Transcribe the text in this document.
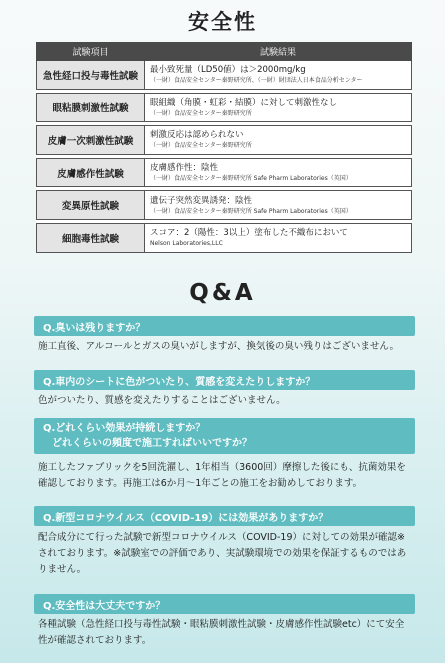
安全性
試験項目	試験結果
急性経口投与毒性試験	最小致死量（LD50値）は＞2000mg/kg
（一財）食品安全センター秦野研究所、（一財）財団法人日本食品分析センター

眼粘膜刺激性試験	眼組織（角膜・虹彩・結膜）に対して刺激性なし
（一財）食品安全センター秦野研究所

皮膚一次刺激性試験	刺激反応は認められない
（一財）食品安全センター秦野研究所

皮膚感作性試験	皮膚感作性：陰性
（一財）食品安全センター秦野研究所 Safe Pharm Laboratories（英国）

変異原性試験	遺伝子突然変異誘発：陰性
（一財）食品安全センター秦野研究所 Safe Pharm Laboratories（英国）

細胞毒性試験	スコア：2（陽性：3以上）塗布した不織布において
Nelson Laboratories,LLC
Q&A
Q.臭いは残りますか？
施工直後、アルコールとガスの臭いがしますが、換気後の臭い残りはございません。
Q.車内のシートに色がついたり、質感を変えたりしますか？
色がついたり、質感を変えたりすることはございません。
Q.どれくらい効果が持続しますか？
どれくらいの頻度で施工すればいいですか？
施工したファブリックを5回洗濯し、1年相当（3600回）摩擦した後にも、抗菌効果を確認しております。再施工は6か月〜1年ごとの施工をお勧めしております。
Q.新型コロナウイルス（COVID-19）には効果がありますか？
配合成分にて行った試験で新型コロナウイルス（COVID-19）に対しての効果が確認※されております。※試験室での評価であり、実試験環境での効果を保証するものではありません。
Q.安全性は大丈夫ですか？
各種試験（急性経口投与毒性試験・眼粘膜刺激性試験・皮膚感作性試験etc）にて安全性が確認されております。
